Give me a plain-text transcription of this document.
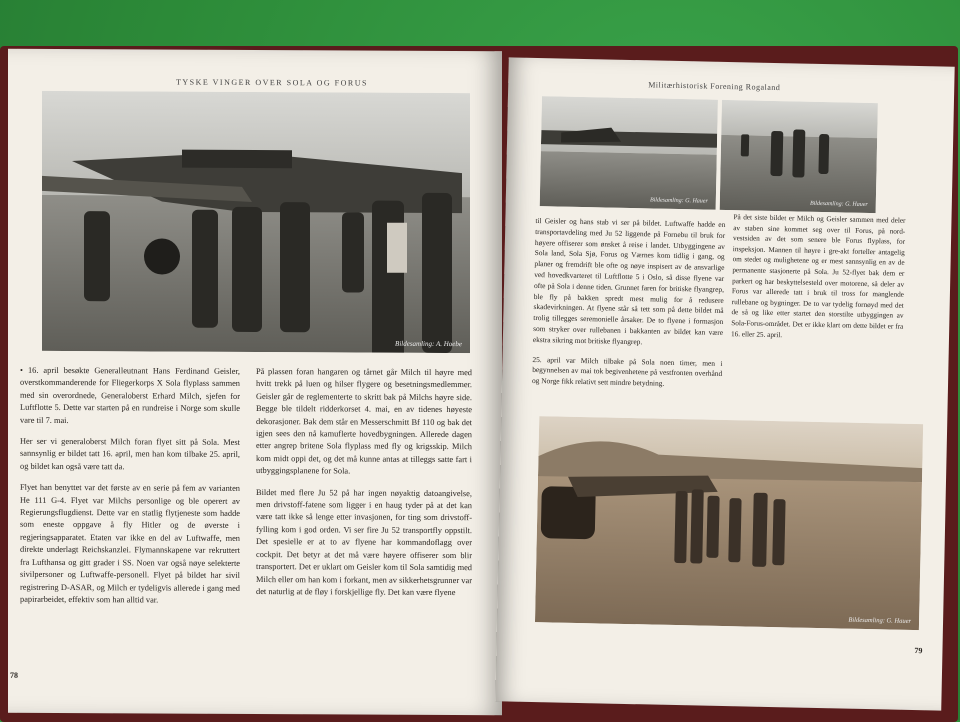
TYSKE VINGER OVER SOLA OG FORUS
Bildesamling: A. Hoebe

• 16. april besøkte Generalleutnant Hans Ferdinand Geisler, overstkommanderende for Fliegerkorps X Sola flyplass sammen med sin overordnede, Generaloberst Erhard Milch, sjefen for Luftflotte 5. Dette var starten på en rundreise i Norge som skulle vare til 7. mai.

Her ser vi generaloberst Milch foran flyet sitt på Sola. Mest sannsynlig er bildet tatt 16. april, men han kom tilbake 25. april, og bildet kan også være tatt da.

Flyet han benyttet var det første av en serie på fem av varianten He 111 G-4. Flyet var Milchs personlige og ble operert av Regierungsflugdienst. Dette var en statlig flytjeneste som hadde som eneste oppgave å fly Hitler og de øverste i regjeringsapparatet. Etaten var ikke en del av Luftwaffe, men direkte underlagt Reichskanzlei. Flymannskapene var rekruttert fra Lufthansa og gitt grader i SS. Noen var også nøye selekterte sivilpersoner og Luftwaffe-personell. Flyet på bildet har sivil registrering D-ASAR, og Milch er tydeligvis allerede i gang med papirarbeidet, effektiv som han alltid var.

På plassen foran hangaren og tårnet går Milch til høyre med hvitt trekk på luen og hilser flygere og besetningsmedlemmer. Geisler går de reglementerte to skritt bak på Milchs høyre side. Begge ble tildelt ridderkorset 4. mai, en av tidenes høyeste dekorasjoner. Bak dem står en Messerschmitt Bf 110 og bak det igjen sees den nå kamuflerte hovedbygningen. Allerede dagen etter angrep britene Sola flyplass med fly og krigsskip. Milch kom midt oppi det, og det må kunne antas at tilleggs satte fart i utbyggingsplanene for Sola.

Bildet med flere Ju 52 på har ingen nøyaktig datoangivelse, men drivstoff-fatene som ligger i en haug tyder på at det kan være tatt ikke så lenge etter invasjonen, for ting som drivstoff-fylling kom i god orden. Vi ser fire Ju 52 transportfly oppstilt. Det spesielle er at to av flyene har kommandoflagg over cockpit. Det betyr at det må være høyere offiserer som blir transportert. Det er uklart om Geisler kom til Sola samtidig med Milch eller om han kom i forkant, men av sikkerhetsgrunner var det naturlig at de fløy i forskjellige fly. Det kan være flyene

78
Militærhistorisk Forening Rogaland
Bildesamling: G. Hauer	Bildesamling: G. Hauer

til Geisler og hans stab vi ser på bildet. Luftwaffe hadde en transportavdeling med Ju 52 liggende på Fornebu til bruk for høyere offiserer som ønsket å reise i landet. Utbyggingene av Sola land, Sola Sjø, Forus og Værnes kom tidlig i gang, og planer og fremdrift ble ofte og nøye inspisert av de ansvarlige ved hovedkvarteret til Luftflotte 5 i Oslo, så disse flyene var ofte på Sola i denne tiden. Grunnet faren for britiske flyangrep, ble fly på bakken spredt mest mulig for å redusere skadevirkningen. At flyene står så tett som på dette bildet må trolig tillegges seremonielle årsaker. De to flyene i formasjon som stryker over rullebanen i bakkanten av bildet kan være ekstra sikring mot britiske flyangrep.

25. april var Milch tilbake på Sola noen timer, men i begynnelsen av mai tok begivenhetene på vestfronten overhånd og Norge fikk relativt sett mindre betydning.

På det siste bildet er Milch og Geisler sammen med deler av staben sine kommet seg over til Forus, på nord-vestsiden av det som senere ble Forus flyplass, for inspeksjon. Mannen til høyre i gre-akt forteller antagelig om stedet og mulighetene og er mest sannsynlig en av de permanente stasjonerte på Sola. Ju 52-flyet bak dem er parkert og har beskyttelsesteld over motorene, så deler av Forus var allerede tatt i bruk til tross for manglende rullebane og bygninger. De to var tydelig fornøyd med det de så og like etter startet den storstilte utbyggingen av Sola-Forus-området. Det er ikke klart om dette bildet er fra 16. eller 25. april.

Bildesamling: G. Hauer
79
